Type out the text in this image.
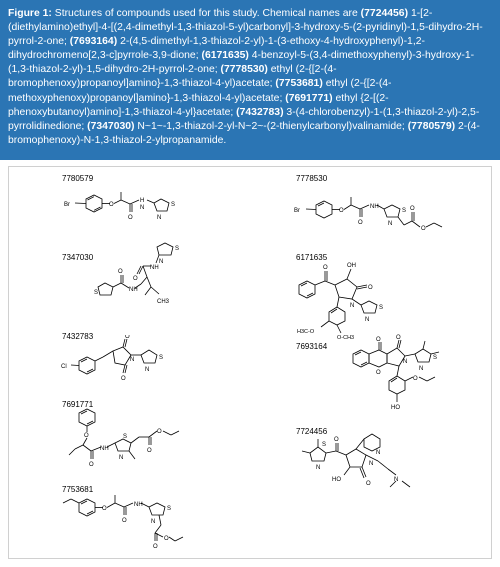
Figure 1: Structures of compounds used for this study. Chemical names are (7724456) 1-[2-(diethylamino)ethyl]-4-[(2,4-dimethyl-1,3-thiazol-5-yl)carbonyl]-3-hydroxy-5-(2-pyridinyl)-1,5-dihydro-2H-pyrrol-2-one; (7693164) 2-(4,5-dimethyl-1,3-thiazol-2-yl)-1-(3-ethoxy-4-hydroxyphenyl)-1,2-dihydrochromeno[2,3-c]pyrrole-3,9-dione; (6171635) 4-benzoyl-5-(3,4-dimethoxyphenyl)-3-hydroxy-1-(1,3-thiazol-2-yl)-1,5-dihydro-2H-pyrrol-2-one; (7778530) ethyl (2-{[2-(4-bromophenoxy)propanoyl]amino}-1,3-thiazol-4-yl)acetate; (7753681) ethyl (2-{[2-(4-methoxyphenoxy)propanoyl]amino}-1,3-thiazol-4-yl)acetate; (7691771) ethyl {2-[(2-phenoxybutanoyl)amino]-1,3-thiazol-4-yl}acetate; (7432783) 3-(4-chlorobenzyl)-1-(1,3-thiazol-2-yl)-2,5-pyrrolidinedione; (7347030) N~1~-1,3-thiazol-2-yl-N~2~-(2-thienylcarbonyl)valinamide; (7780579) 2-(4-bromophenoxy)-N-1,3-thiazol-2-ylpropanamide.
7780579
Br	O
O
H
N
N
S
7778530
Br	O
O
NH
N
S O
O
7347030	N
S
NH
O
NH
O
S
CH3
6171635
O	OH
O
N
N
S
H3C-O
O-CH3
7432783
Cl
O
O
N
N
S
7693164
O	O
O
N
N
S
O
HO
7691771
O
O
NH
N
S
O
O	7724456
N
S
O
N
HO
O
N
N
7753681
O
O
NH
N
S
O
O
